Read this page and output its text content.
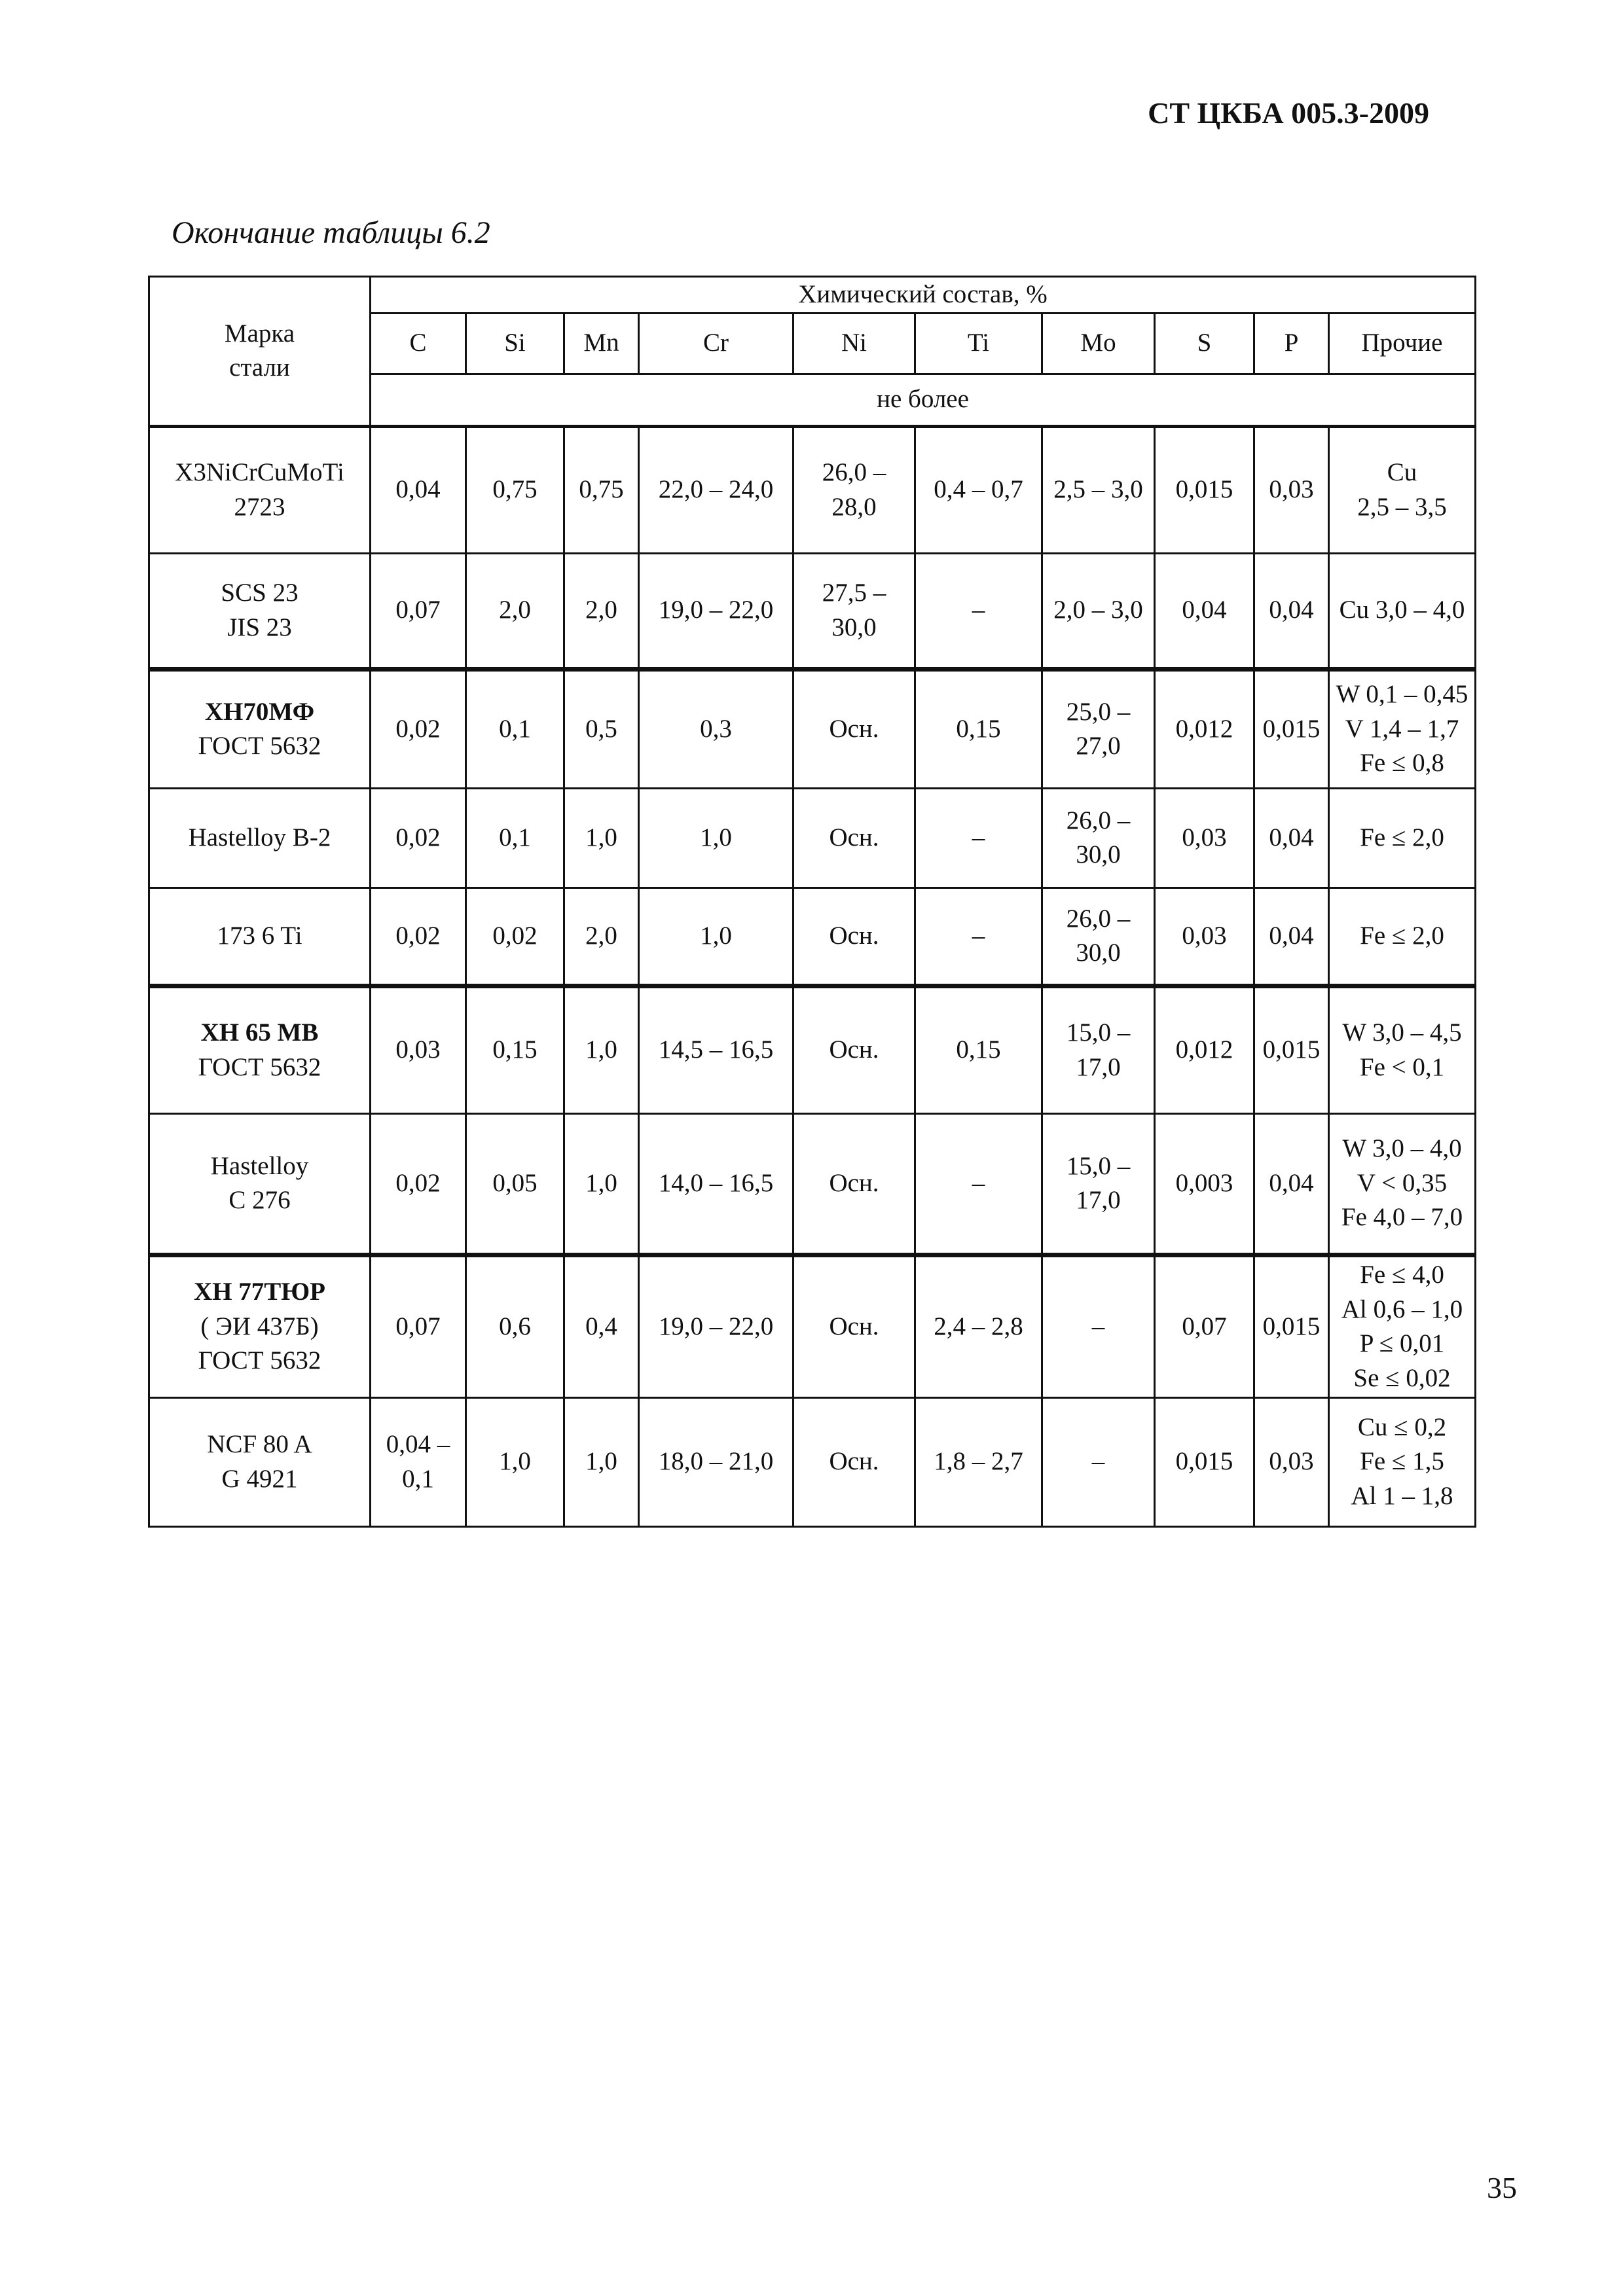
СТ ЦКБА 005.3-2009
Окончание таблицы 6.2
Марка
стали	Химический состав, %									
	C	Si	Mn	Cr	Ni	Ti	Mo	S	P	Прочие
	не более									

X3NiCrCuMoTi
2723	0,04	0,75	0,75	22,0 – 24,0	26,0 –
28,0	0,4 – 0,7	2,5 – 3,0	0,015	0,03	Cu
2,5 – 3,5

SCS 23
JIS 23	0,07	2,0	2,0	19,0 – 22,0	27,5 –
30,0	–	2,0 – 3,0	0,04	0,04	Cu 3,0 – 4,0

ХН70МФ
ГОСТ 5632	0,02	0,1	0,5	0,3	Осн.	0,15	25,0 –
27,0	0,012	0,015	W 0,1 – 0,45
V 1,4 – 1,7
Fe ≤ 0,8

Hastelloy B-2	0,02	0,1	1,0	1,0	Осн.	–	26,0 –
30,0	0,03	0,04	Fe ≤ 2,0

173 6 Ti	0,02	0,02	2,0	1,0	Осн.	–	26,0 –
30,0	0,03	0,04	Fe ≤ 2,0

ХН 65 МВ
ГОСТ 5632	0,03	0,15	1,0	14,5 – 16,5	Осн.	0,15	15,0 –
17,0	0,012	0,015	W 3,0 – 4,5
Fe < 0,1

Hastelloy
C 276	0,02	0,05	1,0	14,0 – 16,5	Осн.	–	15,0 –
17,0	0,003	0,04	W 3,0 – 4,0
V < 0,35
Fe 4,0 – 7,0

ХН 77ТЮР
( ЭИ 437Б)
ГОСТ 5632	0,07	0,6	0,4	19,0 – 22,0	Осн.	2,4 – 2,8	–	0,07	0,015	Fe ≤ 4,0
Al 0,6 – 1,0
P ≤ 0,01
Se ≤ 0,02

NCF 80 A
G 4921	0,04 –
0,1	1,0	1,0	18,0 – 21,0	Осн.	1,8 – 2,7	–	0,015	0,03	Cu ≤ 0,2
Fe ≤ 1,5
Al 1 – 1,8
35
